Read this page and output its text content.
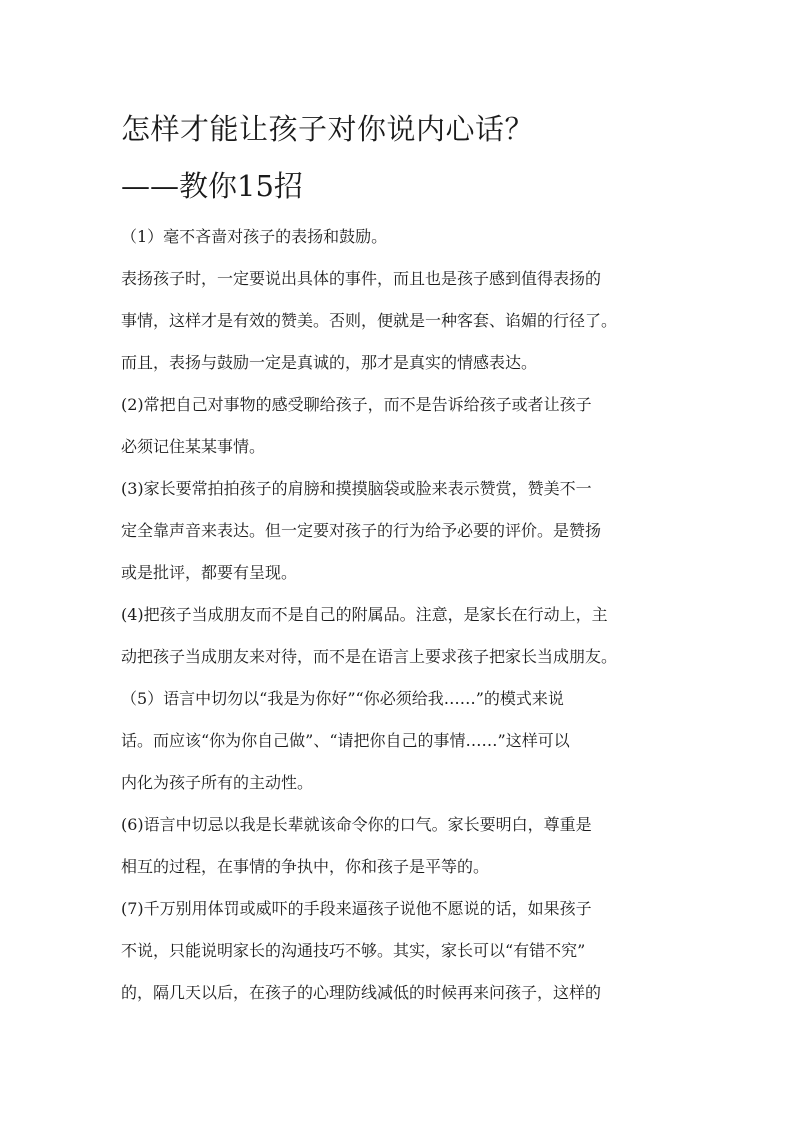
怎样才能让孩子对你说内心话？
——教你15招

（1）毫不吝啬对孩子的表扬和鼓励。

表扬孩子时，一定要说出具体的事件，而且也是孩子感到值得表扬的
事情，这样才是有效的赞美。否则，便就是一种客套、谄媚的行径了。
而且，表扬与鼓励一定是真诚的，那才是真实的情感表达。

(2)常把自己对事物的感受聊给孩子，而不是告诉给孩子或者让孩子
必须记住某某事情。

(3)家长要常拍拍孩子的肩膀和摸摸脑袋或脸来表示赞赏，赞美不一
定全靠声音来表达。但一定要对孩子的行为给予必要的评价。是赞扬
或是批评，都要有呈现。

(4)把孩子当成朋友而不是自己的附属品。注意，是家长在行动上，主
动把孩子当成朋友来对待，而不是在语言上要求孩子把家长当成朋友。

（5）语言中切勿以“我是为你好”“你必须给我……”的模式来说
话。而应该“你为你自己做”、“请把你自己的事情……”这样可以
内化为孩子所有的主动性。

(6)语言中切忌以我是长辈就该命令你的口气。家长要明白，尊重是
相互的过程，在事情的争执中，你和孩子是平等的。

(7)千万别用体罚或威吓的手段来逼孩子说他不愿说的话，如果孩子
不说，只能说明家长的沟通技巧不够。其实，家长可以“有错不究”
的，隔几天以后，在孩子的心理防线减低的时候再来问孩子，这样的
